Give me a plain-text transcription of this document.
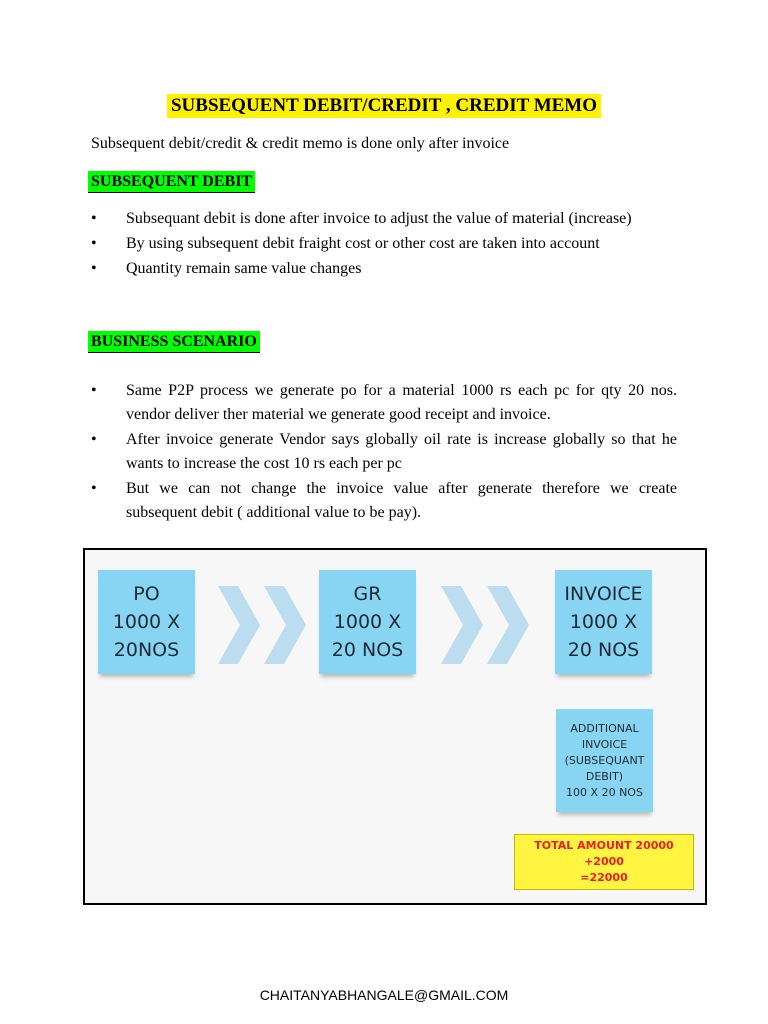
SUBSEQUENT DEBIT/CREDIT , CREDIT MEMO

Subsequent debit/credit & credit memo is done only after invoice

SUBSEQUENT DEBIT
• Subsequant debit is done after invoice to adjust the value of material (increase)
• By using subsequent debit fraight cost or other cost are taken into account
• Quantity remain same value changes
BUSINESS SCENARIO
• Same P2P process we generate po for a material 1000 rs each pc for qty 20 nos. vendor deliver ther material we generate good receipt and invoice.
• After invoice generate Vendor says globally oil rate is increase globally so that he wants to increase the cost 10 rs each per pc
• But we can not change the invoice value after generate therefore we create subsequent debit ( additional value to be pay).
PO
1000 X
20NOS
GR
1000 X
20 NOS
INVOICE
1000 X
20 NOS
ADDITIONAL
INVOICE
(SUBSEQUANT
DEBIT)
100 X 20 NOS
TOTAL AMOUNT 20000 +2000
=22000
CHAITANYABHANGALE@GMAIL.COM
